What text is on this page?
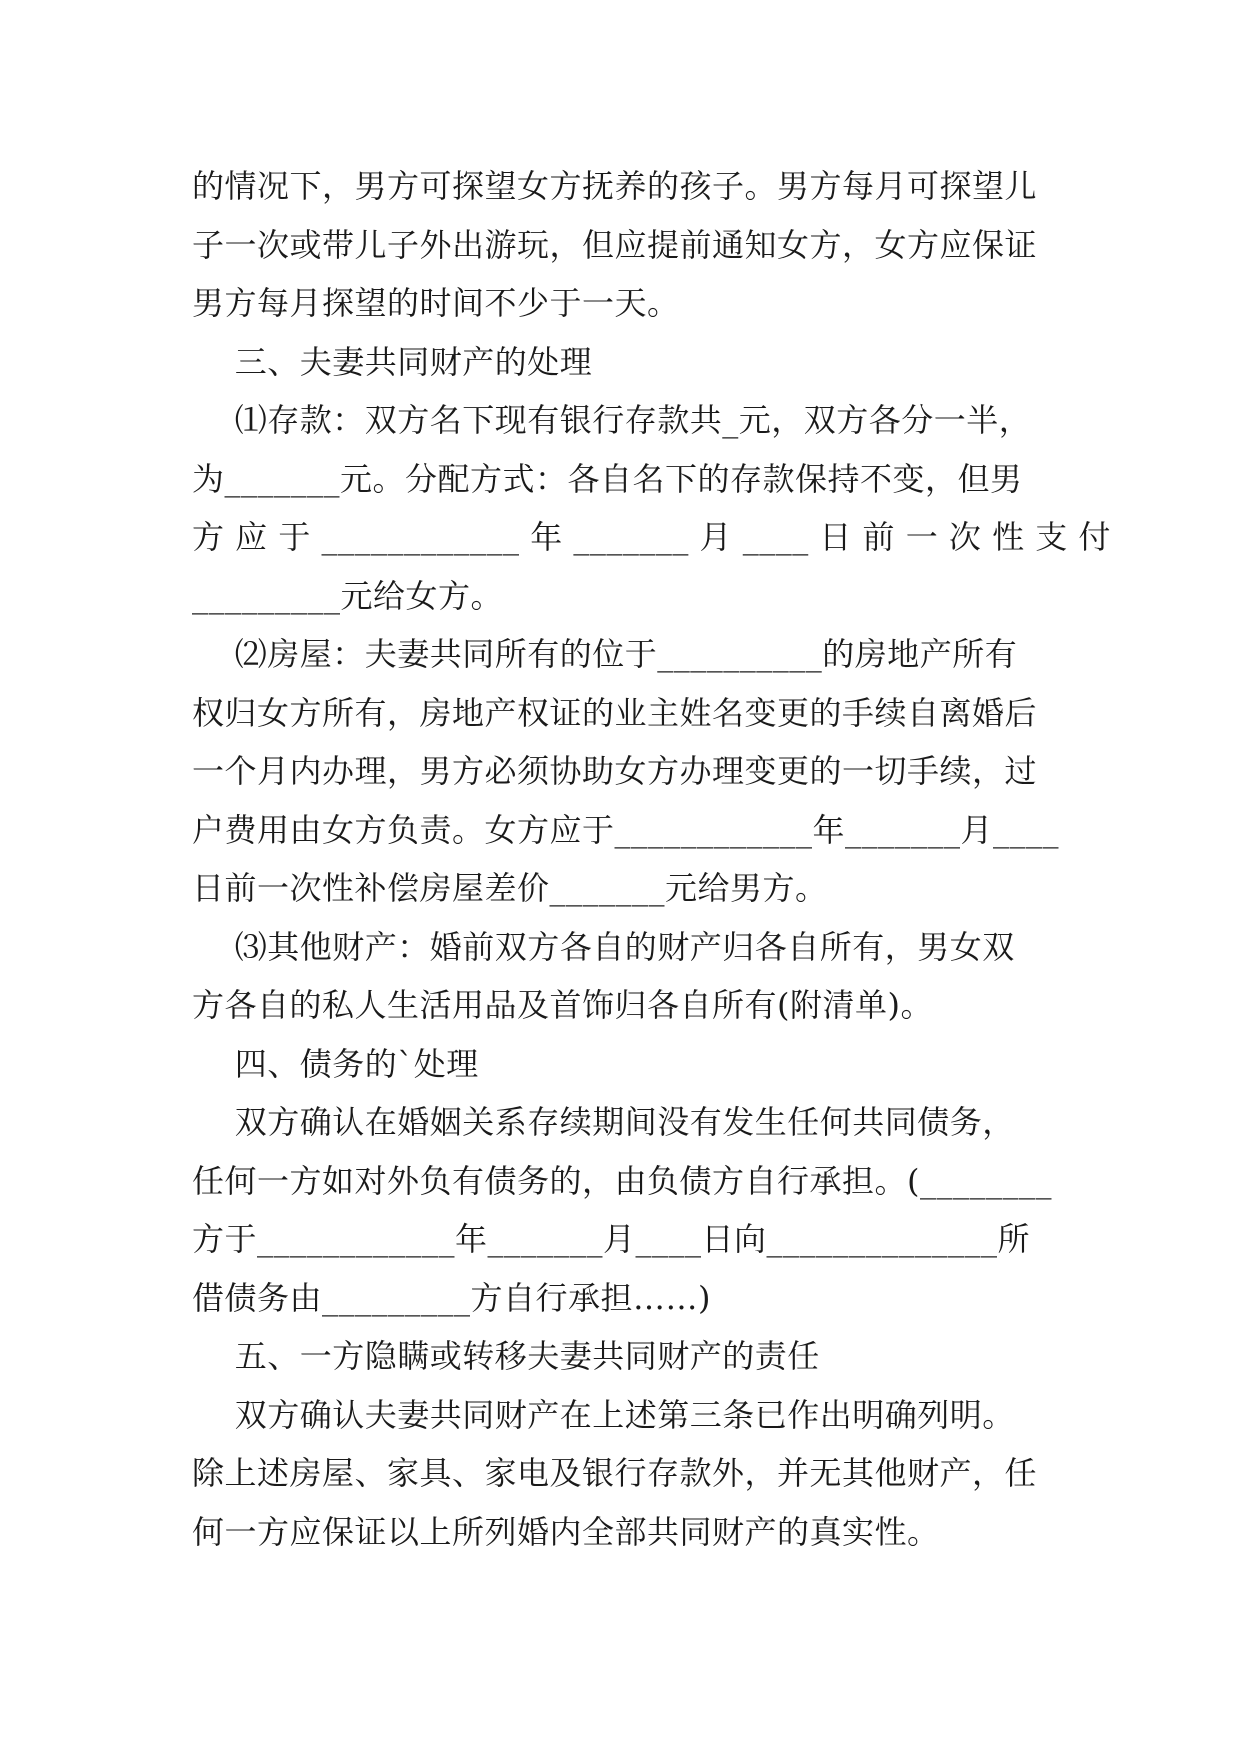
的情况下，男方可探望女方抚养的孩子。男方每月可探望儿
子一次或带儿子外出游玩，但应提前通知女方，女方应保证
男方每月探望的时间不少于一天。
三、夫妻共同财产的处理
⑴存款：双方名下现有银行存款共_元，双方各分一半，
为_______元。分配方式：各自名下的存款保持不变，但男
方 应 于 ____________ 年 _______ 月 ____ 日 前 一 次 性 支 付
_________元给女方。
⑵房屋：夫妻共同所有的位于__________的房地产所有
权归女方所有，房地产权证的业主姓名变更的手续自离婚后
一个月内办理，男方必须协助女方办理变更的一切手续，过
户费用由女方负责。女方应于____________年_______月____
日前一次性补偿房屋差价_______元给男方。
⑶其他财产：婚前双方各自的财产归各自所有，男女双
方各自的私人生活用品及首饰归各自所有(附清单)。
四、债务的`处理
双方确认在婚姻关系存续期间没有发生任何共同债务，
任何一方如对外负有债务的，由负债方自行承担。(________
方于____________年_______月____日向______________所
借债务由_________方自行承担……)
五、一方隐瞒或转移夫妻共同财产的责任
双方确认夫妻共同财产在上述第三条已作出明确列明。
除上述房屋、家具、家电及银行存款外，并无其他财产，任
何一方应保证以上所列婚内全部共同财产的真实性。
